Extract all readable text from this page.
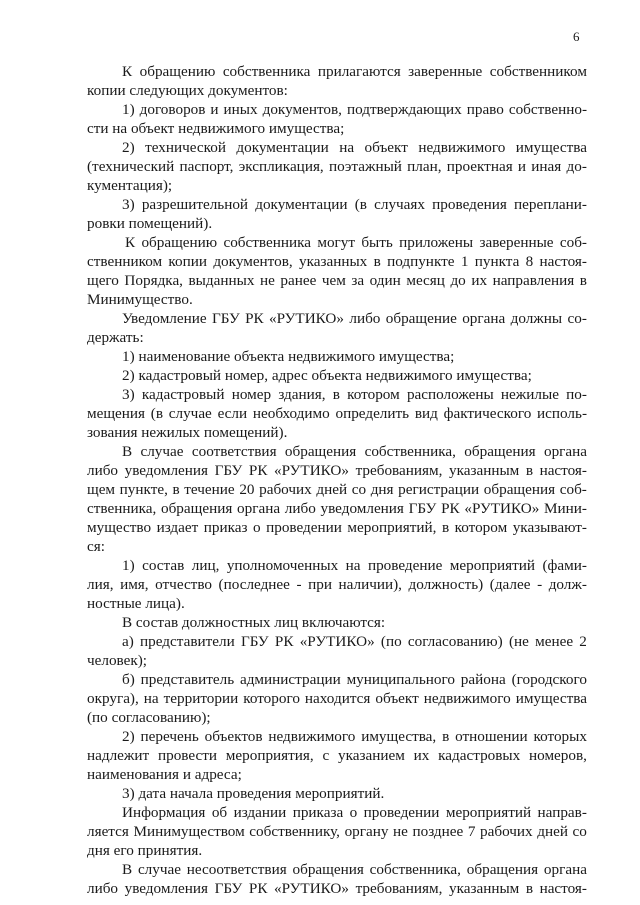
6
К обращению собственника прилагаются заверенные собственником
копии следующих документов:
1) договоров и иных документов, подтверждающих право собственно-
сти на объект недвижимого имущества;
2) технической документации на объект недвижимого имущества
(технический паспорт, экспликация, поэтажный план, проектная и иная до-
кументация);
3) разрешительной документации (в случаях проведения переплани-
ровки помещений).
К обращению собственника могут быть приложены заверенные соб-
ственником копии документов, указанных в подпункте 1 пункта 8 настоя-
щего Порядка, выданных не ранее чем за один месяц до их направления в
Минимущество.
Уведомление ГБУ РК «РУТИКО» либо обращение органа должны со-
держать:
1) наименование объекта недвижимого имущества;
2) кадастровый номер, адрес объекта недвижимого имущества;
3) кадастровый номер здания, в котором расположены нежилые по-
мещения (в случае если необходимо определить вид фактического исполь-
зования нежилых помещений).
В случае соответствия обращения собственника, обращения органа
либо уведомления ГБУ РК «РУТИКО» требованиям, указанным в настоя-
щем пункте, в течение 20 рабочих дней со дня регистрации обращения соб-
ственника, обращения органа либо уведомления ГБУ РК «РУТИКО» Мини-
мущество издает приказ о проведении мероприятий, в котором указывают-
ся:
1) состав лиц, уполномоченных на проведение мероприятий (фами-
лия, имя, отчество (последнее - при наличии), должность) (далее - долж-
ностные лица).
В состав должностных лиц включаются:
а) представители ГБУ РК «РУТИКО» (по согласованию) (не менее 2
человек);
б) представитель администрации муниципального района (городского
округа), на территории которого находится объект недвижимого имущества
(по согласованию);
2) перечень объектов недвижимого имущества, в отношении которых
надлежит провести мероприятия, с указанием их кадастровых номеров,
наименования и адреса;
3) дата начала проведения мероприятий.
Информация об издании приказа о проведении мероприятий направ-
ляется Минимуществом собственнику, органу не позднее 7 рабочих дней со
дня его принятия.
В случае несоответствия обращения собственника, обращения органа
либо уведомления ГБУ РК «РУТИКО» требованиям, указанным в настоя-
